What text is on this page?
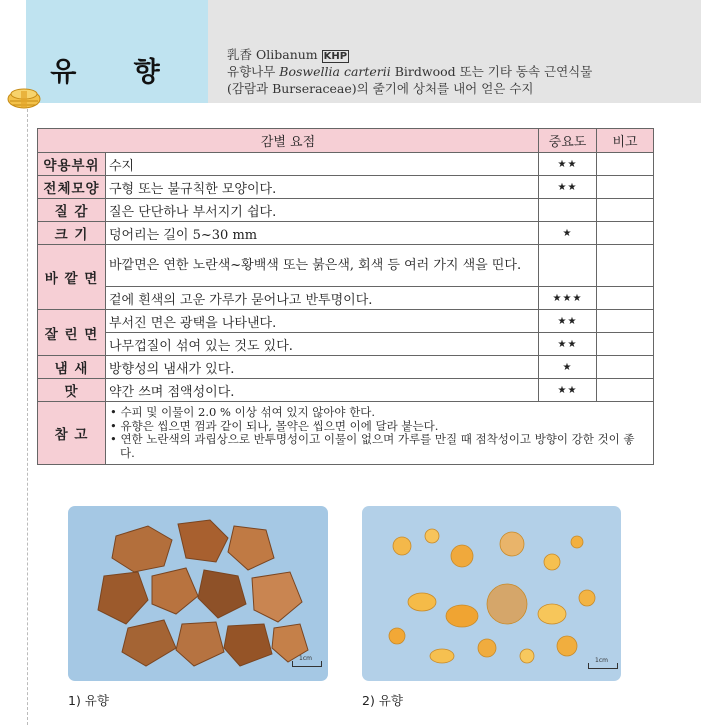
유 향
乳香 Olibanum KHP
유향나무 Boswellia carterii Birdwood 또는 기타 동속 근연식물
(감람과 Burseraceae)의 줄기에 상처를 내어 얻은 수지
감별 요점		중요도	비고
약용부위	수지	★★	
전체모양	구형 또는 불규칙한 모양이다.	★★	
질 감	질은 단단하나 부서지기 쉽다.		
크 기	덩어리는 길이 5~30 mm	★	
바 깥 면	바깥면은 연한 노란색~황백색 또는 붉은색, 회색 등 여러 가지 색을 띤다.		
	겉에 흰색의 고운 가루가 묻어나고 반투명이다.	★★★	
잘 린 면	부서진 면은 광택을 나타낸다.	★★	
	나무껍질이 섞여 있는 것도 있다.	★★	
냄 새	방향성의 냄새가 있다.	★	
맛	약간 쓰며 점액성이다.	★★	
참 고	• 수피 및 이물이 2.0 % 이상 섞여 있지 않아야 한다.
• 유향은 씹으면 껌과 같이 되나, 몰약은 씹으면 이에 달라 붙는다.
• 연한 노란색의 과립상으로 반투명성이고 이물이 없으며 가루를 만질 때 점착성이고 방향이 강한 것이 좋다.		
1cm	1cm
1) 유향	2) 유향
